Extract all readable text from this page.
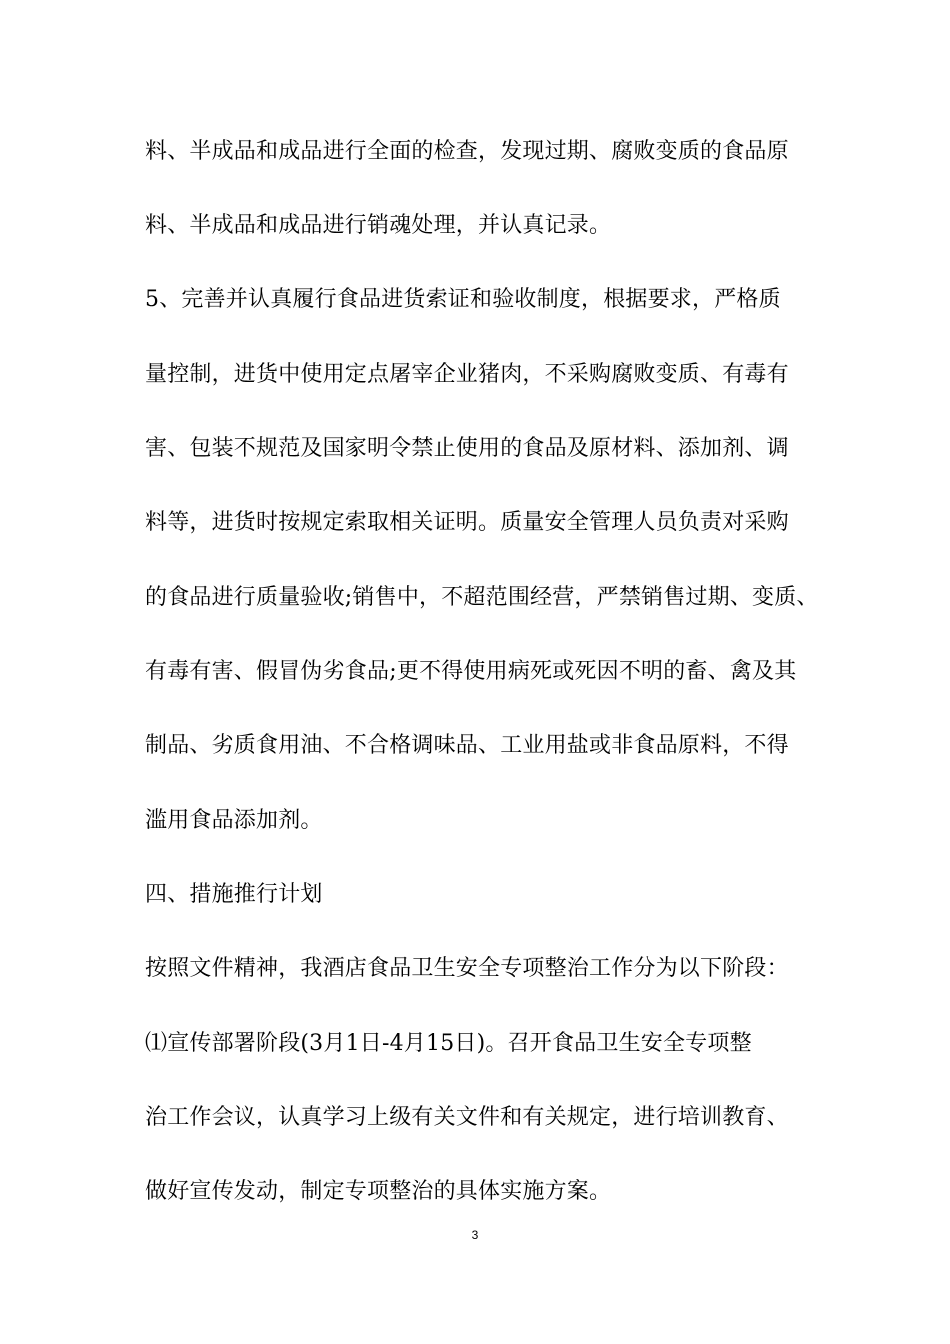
料、半成品和成品进行全面的检查，发现过期、腐败变质的食品原
料、半成品和成品进行销魂处理，并认真记录。
5、完善并认真履行食品进货索证和验收制度，根据要求，严格质
量控制，进货中使用定点屠宰企业猪肉，不采购腐败变质、有毒有
害、包装不规范及国家明令禁止使用的食品及原材料、添加剂、调
料等，进货时按规定索取相关证明。质量安全管理人员负责对采购
的食品进行质量验收;销售中，不超范围经营，严禁销售过期、变质、
有毒有害、假冒伪劣食品;更不得使用病死或死因不明的畜、禽及其
制品、劣质食用油、不合格调味品、工业用盐或非食品原料，不得
滥用食品添加剂。
四、措施推行计划
按照文件精神，我酒店食品卫生安全专项整治工作分为以下阶段：
⑴宣传部署阶段(3月1日-4月15日)。召开食品卫生安全专项整
治工作会议，认真学习上级有关文件和有关规定，进行培训教育、
做好宣传发动，制定专项整治的具体实施方案。
3
